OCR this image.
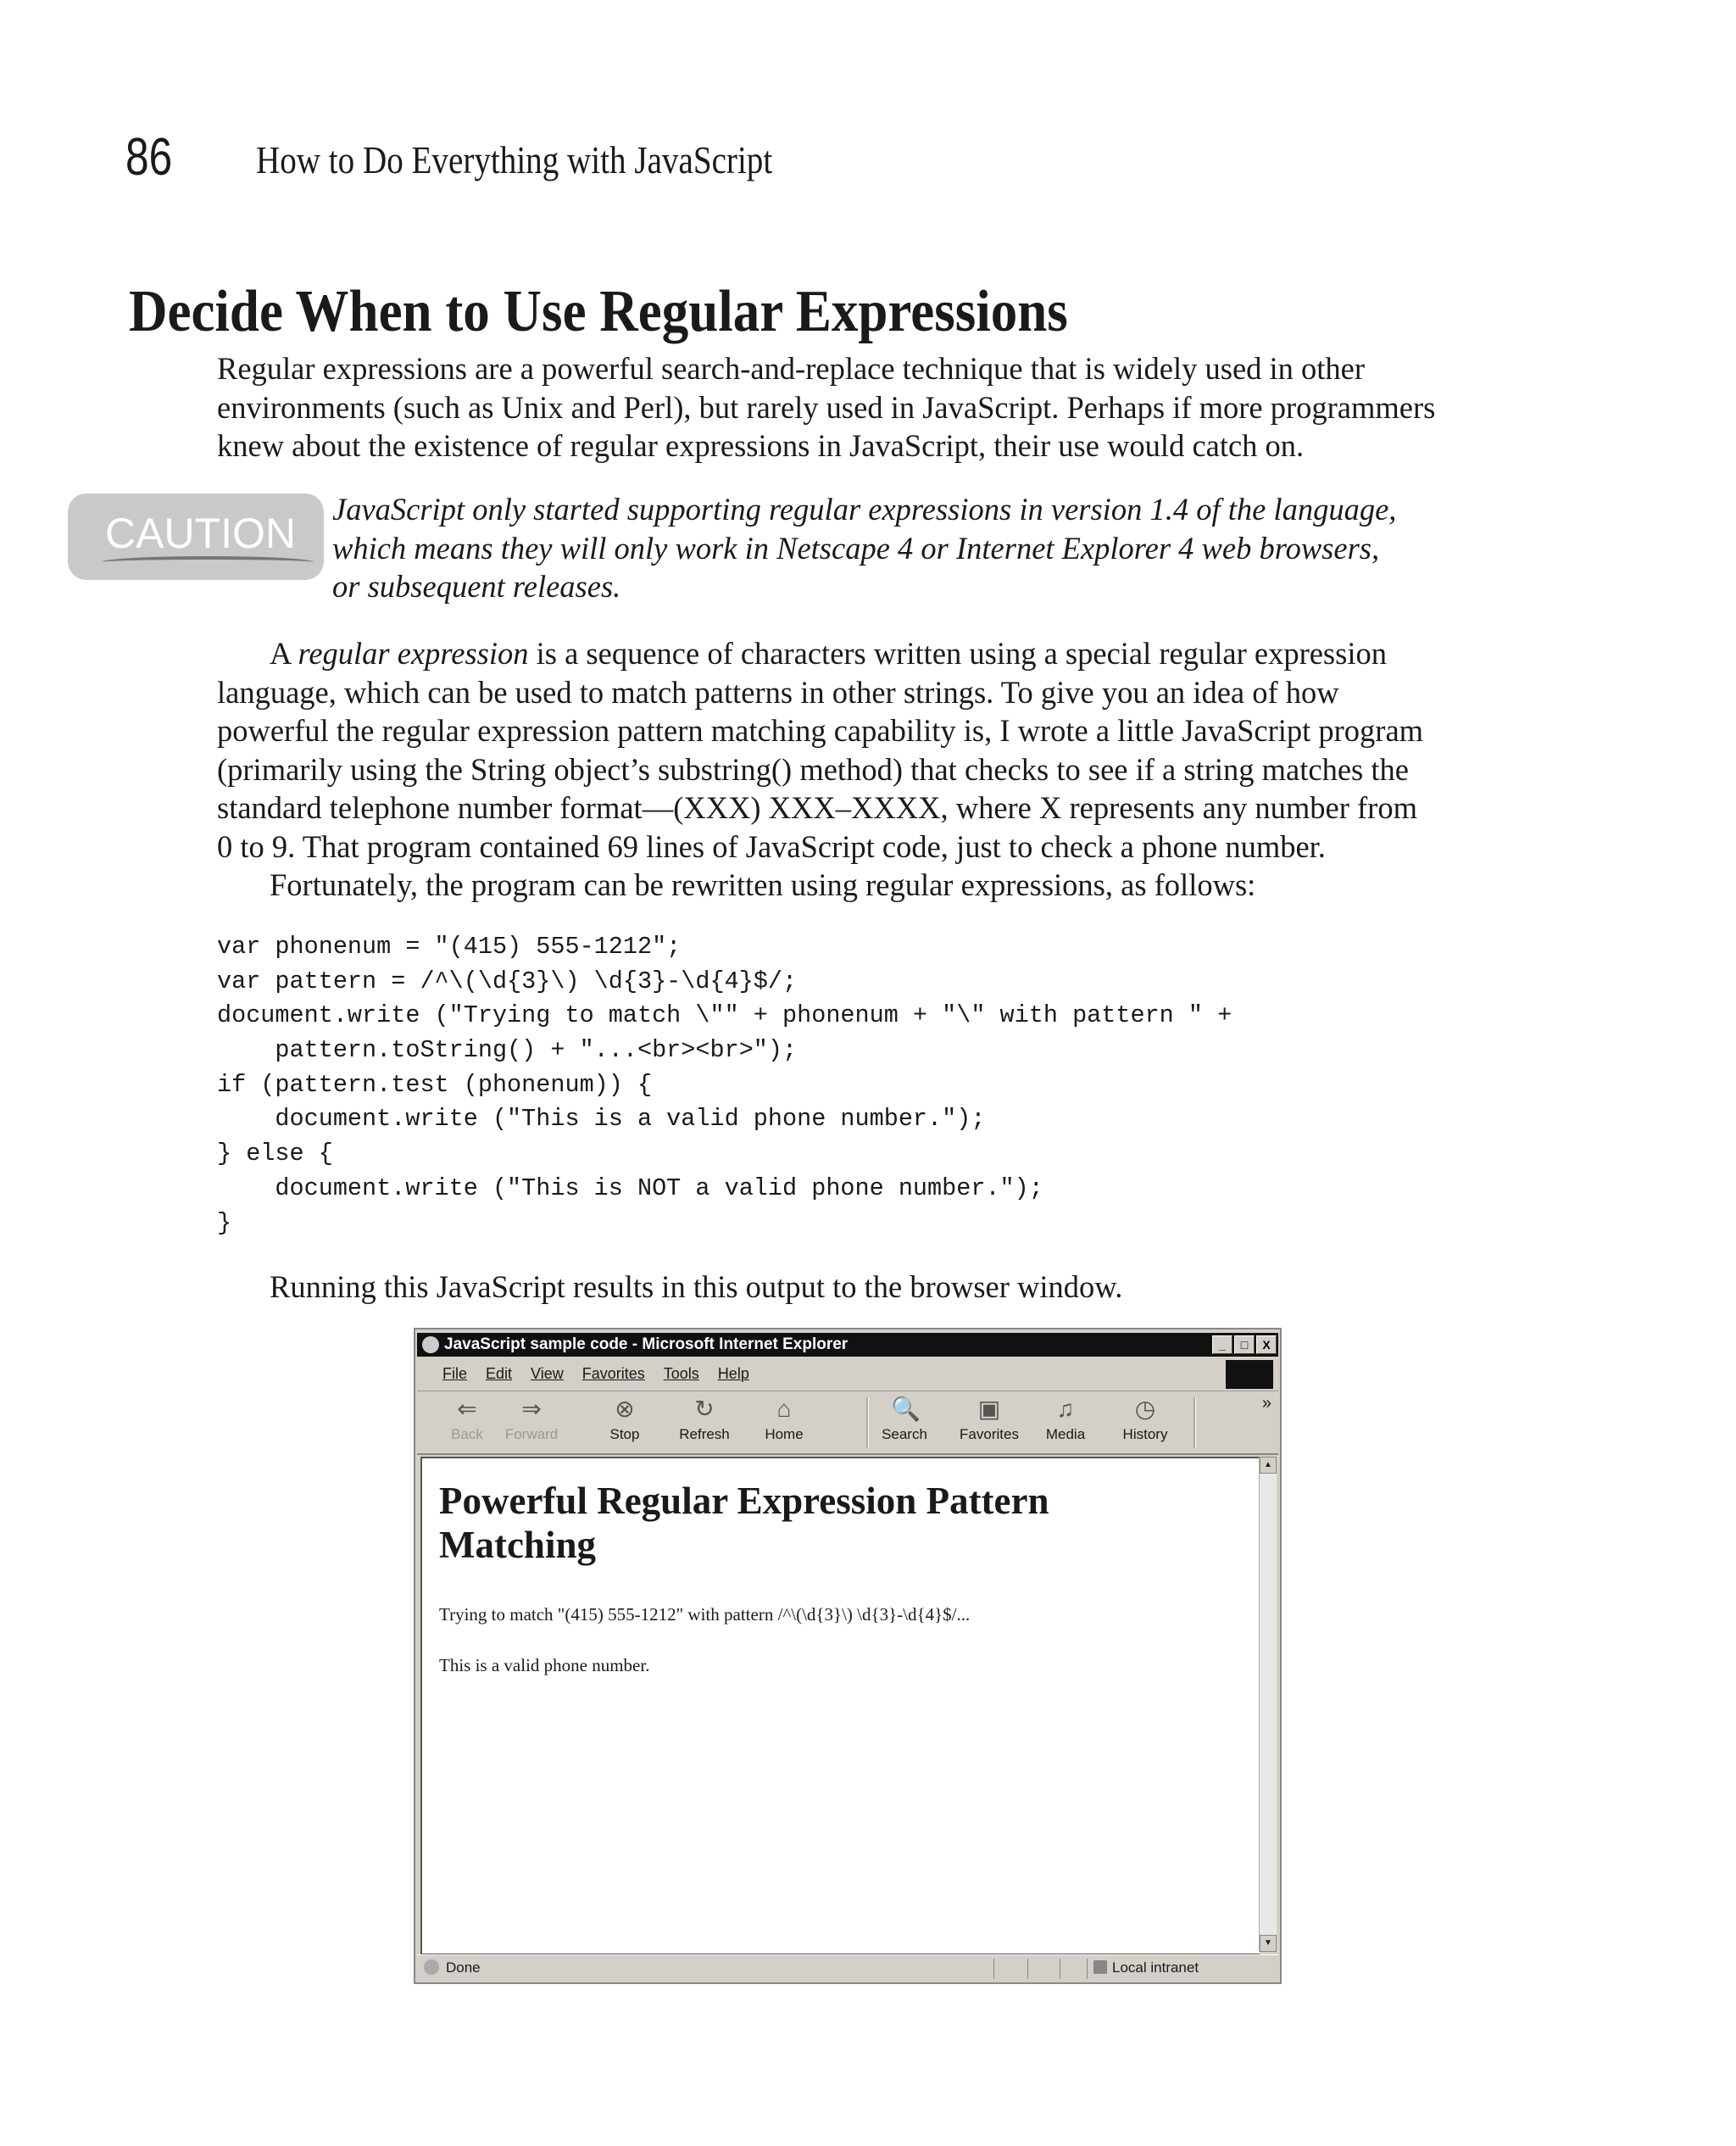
86 How to Do Everything with JavaScript
Decide When to Use Regular Expressions
Regular expressions are a powerful search-and-replace technique that is widely used in other
environments (such as Unix and Perl), but rarely used in JavaScript. Perhaps if more programmers
knew about the existence of regular expressions in JavaScript, their use would catch on.
CAUTION
JavaScript only started supporting regular expressions in version 1.4 of the language,
which means they will only work in Netscape 4 or Internet Explorer 4 web browsers,
or subsequent releases.
A regular expression is a sequence of characters written using a special regular expression
language, which can be used to match patterns in other strings. To give you an idea of how
powerful the regular expression pattern matching capability is, I wrote a little JavaScript program
(primarily using the String object’s substring() method) that checks to see if a string matches the
standard telephone number format—(XXX) XXX–XXXX, where X represents any number from
0 to 9. That program contained 69 lines of JavaScript code, just to check a phone number.
Fortunately, the program can be rewritten using regular expressions, as follows:
var phonenum = "(415) 555-1212";
var pattern = /^\(\d{3}\) \d{3}-\d{4}$/;
document.write ("Trying to match \"" + phonenum + "\" with pattern " +
pattern.toString() + "...<br><br>");
if (pattern.test (phonenum)) {
document.write ("This is a valid phone number.");
} else {
document.write ("This is NOT a valid phone number.");
}
Running this JavaScript results in this output to the browser window.
JavaScript sample code - Microsoft Internet Explorer	_	□	X
File Edit View Favorites Tools Help
⇐
Back
⇒
Forward
⊗
Stop
↻
Refresh
⌂
Home
🔍
Search
▣
Favorites
♫
Media
◷
History
»
Powerful Regular Expression Pattern
Matching
Trying to match "(415) 555-1212" with pattern /^\(\d{3}\) \d{3}-\d{4}$/...
This is a valid phone number.
▲
▼
Done	Local intranet
